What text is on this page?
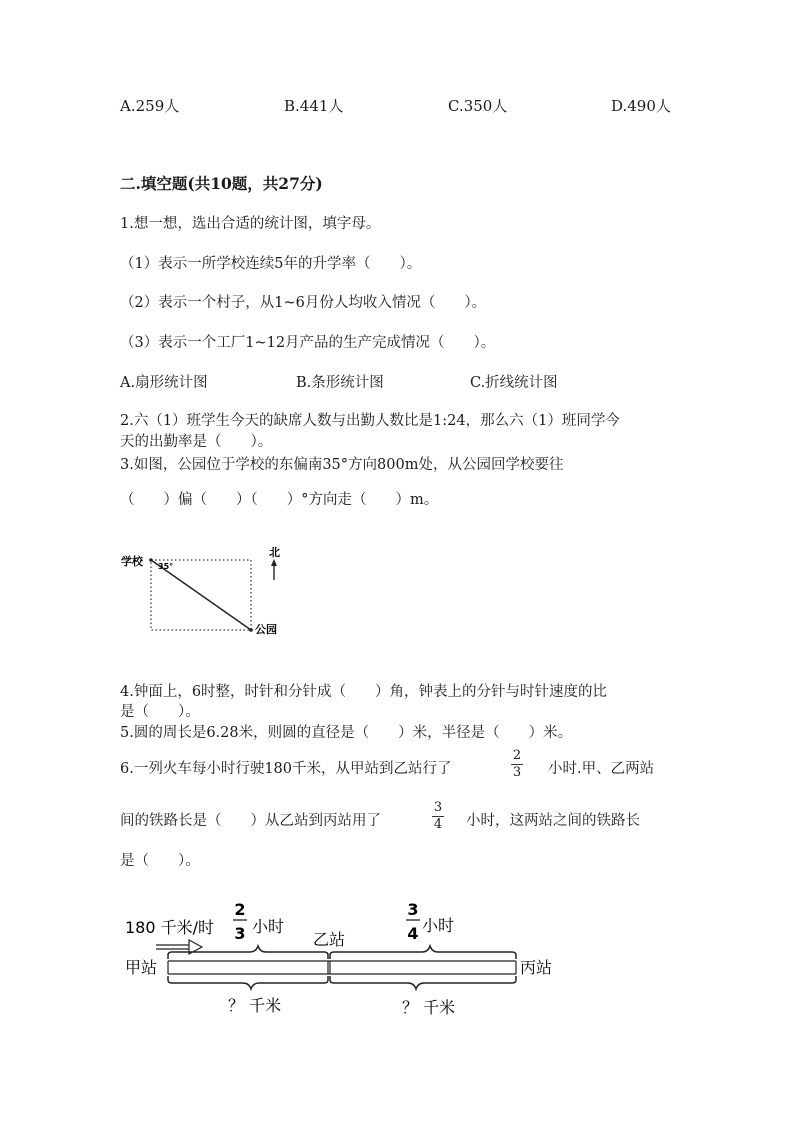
A.259人	B.441人	C.350人	D.490人
二.填空题(共10题，共27分)
1.想一想，选出合适的统计图，填字母。
（1）表示一所学校连续5年的升学率（　　）。
（2）表示一个村子，从1~6月份人均收入情况（　　）。
（3）表示一个工厂1~12月产品的生产完成情况（　　）。
A.扇形统计图	B.条形统计图	C.折线统计图
2.六（1）班学生今天的缺席人数与出勤人数比是1:24，那么六（1）班同学今
天的出勤率是（　　）。
3.如图，公园位于学校的东偏南35°方向800m处，从公园回学校要往
（　　）偏（　　）（　　）°方向走（　　）m。
学校 35°
公园
北
4.钟面上，6时整，时针和分针成（　　）角，钟表上的分针与时针速度的比
是（　　）。
5.圆的周长是6.28米，则圆的直径是（　　）米，半径是（　　）米。
6.一列火车每小时行驶180千米，从甲站到乙站行了
2
3 小时.甲、乙两站
间的铁路长是（　　）从乙站到丙站用了
3
4 小时，这两站之间的铁路长
是（　　）。
180 千米/时
2
3 小时
乙站
3
4 小时
甲站	丙站
？ 千米	？ 千米
